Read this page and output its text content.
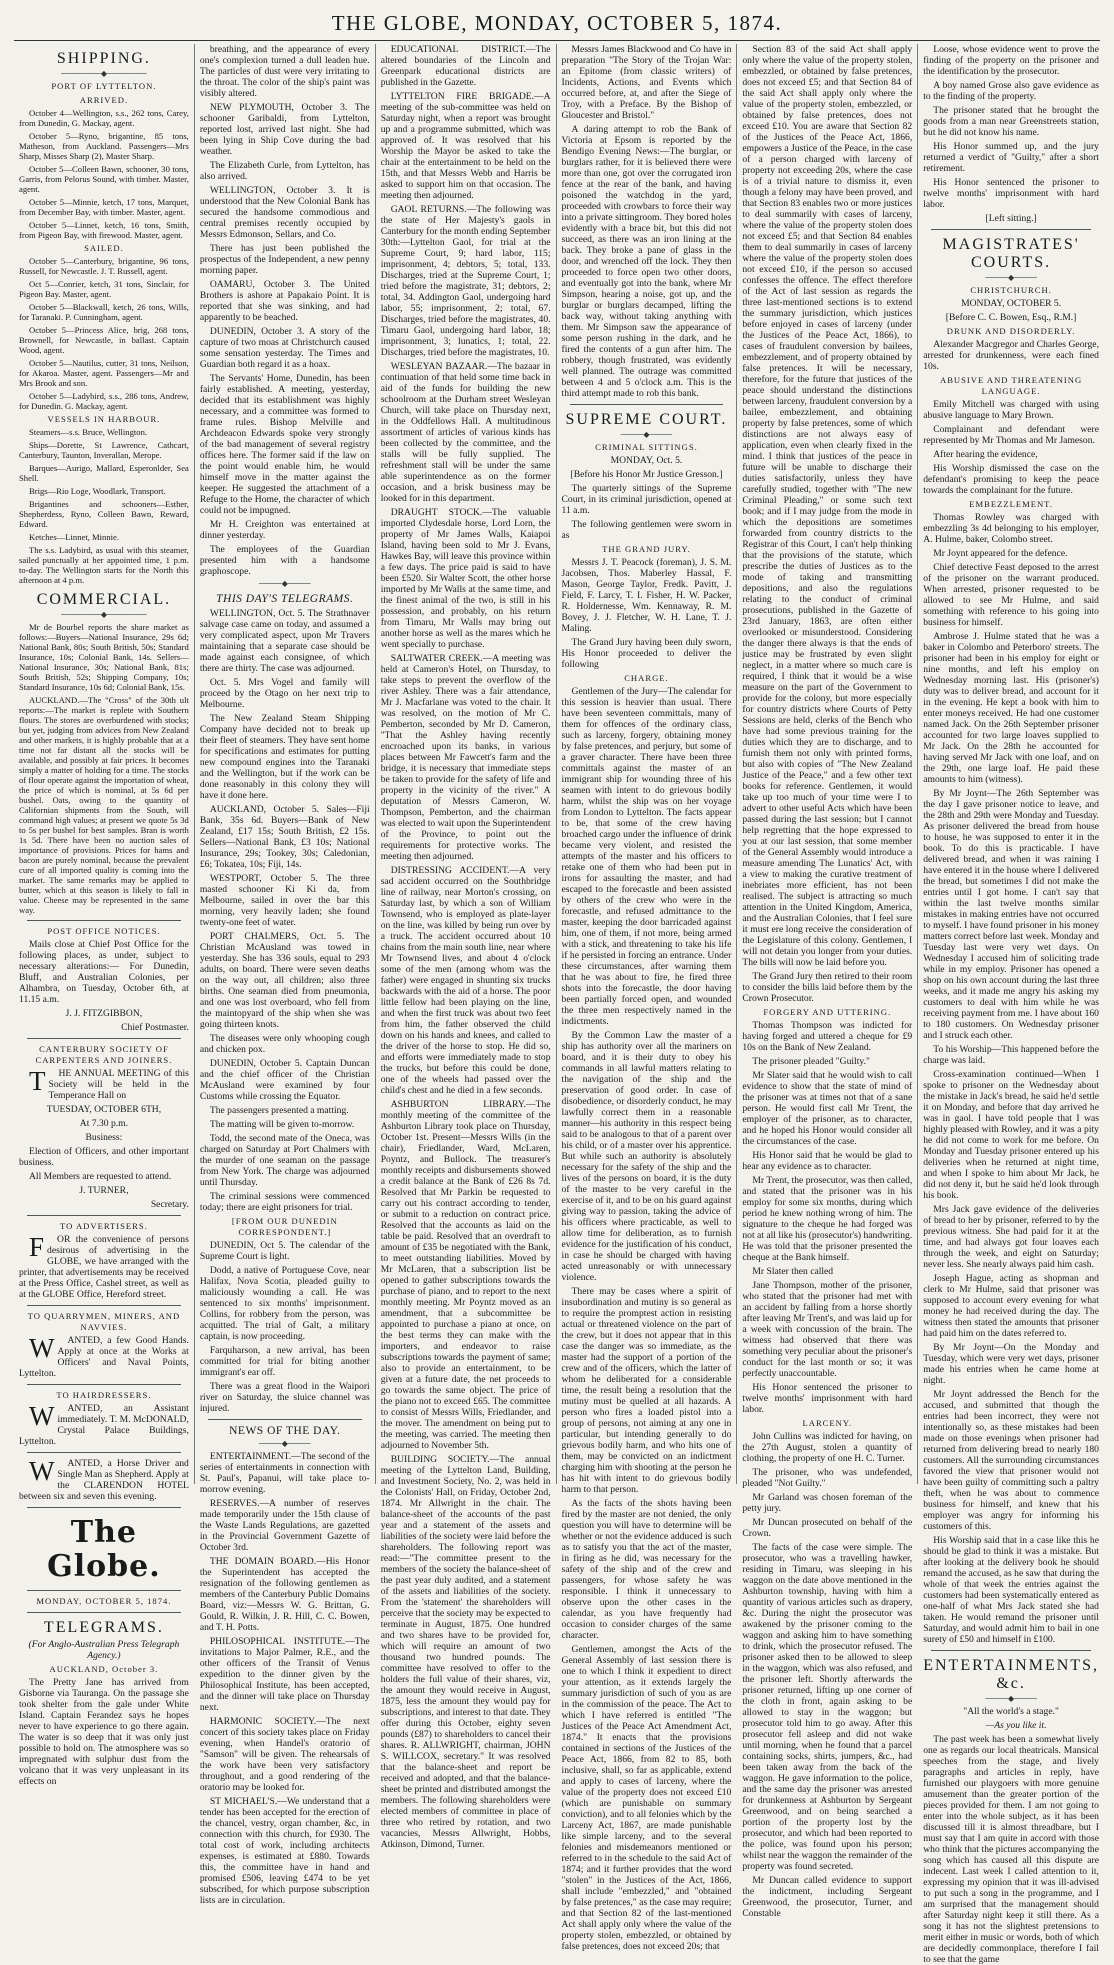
THE GLOBE, MONDAY, OCTOBER 5, 1874.
SHIPPING.
───────◆───────
PORT OF LYTTELTON.
ARRIVED.

October 4—Wellington, s.s., 262 tons, Carey, from Dunedin, G. Mackay, agent.

October 5—Ryno, brigantine, 85 tons, Matheson, from Auckland. Passengers—Mrs Sharp, Misses Sharp (2), Master Sharp.

October 5—Colleen Bawn, schooner, 30 tons, Garris, from Pelorus Sound, with timber. Master, agent.

October 5—Minnie, ketch, 17 tons, Marquet, from December Bay, with timber. Master, agent.

October 5—Linnet, ketch, 16 tons, Smith, from Pigeon Bay, with firewood. Master, agent.

SAILED.

October 5—Canterbury, brigantine, 96 tons, Russell, for Newcastle. J. T. Russell, agent.

Oct 5—Conrier, ketch, 31 tons, Sinclair, for Pigeon Bay. Master, agent.

October 5—Blackwall, ketch, 26 tons, Wills, for Taranaki. P. Cunningham, agent.

October 5—Princess Alice, brig, 268 tons, Brownell, for Newcastle, in ballast. Captain Wood, agent.

October 5—Nautilus, cutter, 31 tons, Neilson, for Akaroa. Master, agent. Passengers—Mr and Mrs Brook and son.

October 5—Ladybird, s.s., 286 tons, Andrew, for Dunedin. G. Mackay, agent.

VESSELS IN HARBOUR.

Steamers—s.s. Bruce, Wellington.

Ships—Dorette, St Lawrence, Cathcart, Canterbury, Taunton, Inverallan, Merope.

Barques—Aurigo, Mallard, Esperonlder, Sea Shell.

Brigs—Rio Loge, Woodlark, Transport.

Brigantines and schooners—Esther, Shepherdess, Ryno, Colleen Bawn, Reward, Edward.

Ketches—Linnet, Minnie.

The s.s. Ladybird, as usual with this steamer, sailed punctually at her appointed time, 1 p.m. to-day. The Wellington starts for the North this afternoon at 4 p.m.

COMMERCIAL.
───────◆───────

Mr de Bourbel reports the share market as follows:—Buyers—National Insurance, 29s 6d; National Bank, 80s; South British, 50s; Standard Insurance, 10s; Colonial Bank, 14s. Sellers—National Insurance, 30s; National Bank, 81s; South British, 52s; Shipping Company, 10s; Standard Insurance, 10s 6d; Colonial Bank, 15s.

AUCKLAND.—The "Cross" of the 30th ult reports:—The market is replete with Southern flours. The stores are overburdened with stocks; but yet, judging from advices from New Zealand and other markets, it is highly probable that at a time not far distant all the stocks will be available, and possibly at fair prices. It becomes simply a matter of holding for a time. The stocks of flour operate against the importation of wheat, the price of which is nominal, at 5s 6d per bushel. Oats, owing to the quantity of Californian shipments from the South, will command high values; at present we quote 5s 3d to 5s per bushel for best samples. Bran is worth 1s 5d. There have been no auction sales of importance of provisions. Prices for hams and bacon are purely nominal, because the prevalent cure of all imported quality is coming into the market. The same remarks may be applied to butter, which at this season is likely to fall in value. Cheese may be represented in the same way.

POST OFFICE NOTICES.

Mails close at Chief Post Office for the following places, as under, subject to necessary alterations:— For Dunedin, Bluff, and Australian Colonies, per Alhambra, on Tuesday, October 6th, at 11.15 a.m.

J. J. FITZGIBBON,

Chief Postmaster.

CANTERBURY SOCIETY OF CARPENTERS AND JOINERS.

T HE ANNUAL MEETING of this Society will be held in the Temperance Hall on

TUESDAY, OCTOBER 6TH,

At 7.30 p.m.

Business:

Election of Officers, and other important business.

All Members are requested to attend.

J. TURNER,

Secretary.

TO ADVERTISERS.

F OR the convenience of persons desirous of advertising in the GLOBE, we have arranged with the printer, that advertisements may be received at the Press Office, Cashel street, as well as at the GLOBE Office, Hereford street.

TO QUARRYMEN, MINERS, AND NAVVIES.

W ANTED, a few Good Hands. Apply at once at the Works at Officers' and Naval Points, Lyttelton.

TO HAIRDRESSERS.

W ANTED, an Assistant immediately. T. M. McDONALD, Crystal Palace Buildings, Lyttelton.

W ANTED, a Horse Driver and Single Man as Shepherd. Apply at the CLARENDON HOTEL between six and seven this evening.

The Globe.
MONDAY, OCTOBER 5, 1874.
TELEGRAMS.
(For Anglo-Australian Press Telegraph Agency.)
AUCKLAND, October 3.

The Pretty Jane has arrived from Gisborne via Tauranga. On the passage she took shelter from the gale under White Island. Captain Ferandez says he hopes never to have experience to go there again. The water is so deep that it was only just possible to hold on. The atmosphere was so impregnated with sulphur dust from the volcano that it was very unpleasant in its effects on

breathing, and the appearance of every one's complexion turned a dull leaden hue. The particles of dust were very irritating to the throat. The color of the ship's paint was visibly altered.

NEW PLYMOUTH, October 3. The schooner Garibaldi, from Lyttelton, reported lost, arrived last night. She had been lying in Ship Cove during the bad weather.

The Elizabeth Curle, from Lyttelton, has also arrived.

WELLINGTON, October 3. It is understood that the New Colonial Bank has secured the handsome commodious and central premises recently occupied by Messrs Edmonson, Sellars, and Co.

There has just been published the prospectus of the Independent, a new penny morning paper.

OAMARU, October 3. The United Brothers is ashore at Papakaio Point. It is reported that she was sinking, and had apparently to be beached.

DUNEDIN, October 3. A story of the capture of two moas at Christchurch caused some sensation yesterday. The Times and Guardian both regard it as a hoax.

The Servants' Home, Dunedin, has been fairly established. A meeting, yesterday, decided that its establishment was highly necessary, and a committee was formed to frame rules. Bishop Melville and Archdeacon Edwards spoke very strongly of the bad management of several registry offices here. The former said if the law on the point would enable him, he would himself move in the matter against the keeper. He suggested the attachment of a Refuge to the Home, the character of which could not be impugned.

Mr H. Creighton was entertained at dinner yesterday.

The employees of the Guardian presented him with a handsome graphoscope.

────◆────
THIS DAY'S TELEGRAMS.

WELLINGTON, Oct. 5. The Strathnaver salvage case came on today, and assumed a very complicated aspect, upon Mr Travers maintaining that a separate case should be made against each consignee, of which there are thirty. The case was adjourned.

Oct. 5. Mrs Vogel and family will proceed by the Otago on her next trip to Melbourne.

The New Zealand Steam Shipping Company have decided not to break up their fleet of steamers. They have sent home for specifications and estimates for putting new compound engines into the Taranaki and the Wellington, but if the work can be done reasonably in this colony they will have it done here.

AUCKLAND, October 5. Sales—Fiji Bank, 35s 6d. Buyers—Bank of New Zealand, £17 15s; South British, £2 15s. Sellers—National Bank, £3 10s; National Insurance, 29s; Tookey, 30s; Caledonian, £6; Tokatea, 10s; Fiji, 14s.

WESTPORT, October 5. The three masted schooner Ki Ki da, from Melbourne, sailed in over the bar this morning, very heavily laden; she found twenty-one feet of water.

PORT CHALMERS, Oct. 5. The Christian McAusland was towed in yesterday. She has 336 souls, equal to 293 adults, on board. There were seven deaths on the way out, all children; also three births. One seaman died from pneumonia, and one was lost overboard, who fell from the maintopyard of the ship when she was going thirteen knots.

The diseases were only whooping cough and chicken pox.

DUNEDIN, October 5. Captain Duncan and the chief officer of the Christian McAusland were examined by four Customs while crossing the Equator.

The passengers presented a matting.

The matting will be given to-morrow.

Todd, the second mate of the Oneca, was charged on Saturday at Port Chalmers with the murder of one seaman on the passage from New York. The charge was adjourned until Thursday.

The criminal sessions were commenced today; there are eight prisoners for trial.

[FROM OUR DUNEDIN CORRESPONDENT.]

DUNEDIN, Oct 5. The calendar of the Supreme Court is light.

Dodd, a native of Portuguese Cove, near Halifax, Nova Scotia, pleaded guilty to maliciously wounding a call. He was sentenced to six months' imprisonment. Collins, for robbery from the person, was acquitted. The trial of Galt, a military captain, is now proceeding.

Farquharson, a new arrival, has been committed for trial for biting another immigrant's ear off.

There was a great flood in the Waipori river on Saturday, the sluice channel was injured.

NEWS OF THE DAY.
────◆────

ENTERTAINMENT.—The second of the series of entertainments in connection with St. Paul's, Papanui, will take place to-morrow evening.

RESERVES.—A number of reserves made temporarily under the 15th clause of the Waste Lands Regulations, are gazetted in the Provincial Government Gazette of October 3rd.

THE DOMAIN BOARD.—His Honor the Superintendent has accepted the resignation of the following gentlemen as members of the Canterbury Public Domains Board, viz:—Messrs W. G. Brittan, G. Gould, R. Wilkin, J. R. Hill, C. C. Bowen, and T. H. Potts.

PHILOSOPHICAL INSTITUTE.—The invitations to Major Palmer, R.E., and the other officers of the Transit of Venus expedition to the dinner given by the Philosophical Institute, has been accepted, and the dinner will take place on Thursday next.

HARMONIC SOCIETY.—The next concert of this society takes place on Friday evening, when Handel's oratorio of "Samson" will be given. The rehearsals of the work have been very satisfactory throughout, and a good rendering of the oratorio may be looked for.

ST MICHAEL'S.—We understand that a tender has been accepted for the erection of the chancel, vestry, organ chamber, &c, in connection with this church, for £930. The total cost of work, including architects expenses, is estimated at £880. Towards this, the committee have in hand and promised £506, leaving £474 to be yet subscribed, for which purpose subscription lists are in circulation.

EDUCATIONAL DISTRICT.—The altered boundaries of the Lincoln and Greenpark educational districts are published in the Gazette.

LYTTELTON FIRE BRIGADE.—A meeting of the sub-committee was held on Saturday night, when a report was brought up and a programme submitted, which was approved of. It was resolved that his Worship the Mayor be asked to take the chair at the entertainment to be held on the 15th, and that Messrs Webb and Harris be asked to support him on that occasion. The meeting then adjourned.

GAOL RETURNS.—The following was the state of Her Majesty's gaols in Canterbury for the month ending September 30th:—Lyttelton Gaol, for trial at the Supreme Court, 9; hard labor, 115; imprisonment, 4; debtors, 5; total, 133. Discharges, tried at the Supreme Court, 1; tried before the magistrate, 31; debtors, 2; total, 34. Addington Gaol, undergoing hard labor, 55; imprisonment, 2; total, 67. Discharges, tried before the magistrates, 40. Timaru Gaol, undergoing hard labor, 18; imprisonment, 3; lunatics, 1; total, 22. Discharges, tried before the magistrates, 10.

WESLEYAN BAZAAR.—The bazaar in continuation of that held some time back in aid of the funds for building the new schoolroom at the Durham street Wesleyan Church, will take place on Thursday next, in the Oddfellows Hall. A multitudinous assortment of articles of various kinds has been collected by the committee, and the stalls will be fully supplied. The refreshment stall will be under the same able superintendence as on the former occasion, and a brisk business may be looked for in this department.

DRAUGHT STOCK.—The valuable imported Clydesdale horse, Lord Lorn, the property of Mr James Walls, Kaiapoi Island, having been sold to Mr J. Evans, Hawkes Bay, will leave this province within a few days. The price paid is said to have been £520. Sir Walter Scott, the other horse imported by Mr Walls at the same time, and the finest animal of the two, is still in his possession, and probably, on his return from Timaru, Mr Walls may bring out another horse as well as the mares which he went specially to purchase.

SALTWATER CREEK.—A meeting was held at Cameron's Hotel, on Thursday, to take steps to prevent the overflow of the river Ashley. There was a fair attendance, Mr J. Macfarlane was voted to the chair. It was resolved, on the motion of Mr C. Pemberton, seconded by Mr D. Cameron, "That the Ashley having recently encroached upon its banks, in various places between Mr Fawcett's farm and the bridge, it is necessary that immediate steps be taken to provide for the safety of life and property in the vicinity of the river." A deputation of Messrs Cameron, W. Thompson, Pemberton, and the chairman was elected to wait upon the Superintendent of the Province, to point out the requirements for protective works. The meeting then adjourned.

DISTRESSING ACCIDENT.—A very sad accident occurred on the Southbridge line of railway, near Morton's crossing, on Saturday last, by which a son of William Townsend, who is employed as plate-layer on the line, was killed by being run over by a truck. The accident occurred about 10 chains from the main south line, near where Mr Townsend lives, and about 4 o'clock some of the men (among whom was the father) were engaged in shunting six trucks backwards with the aid of a horse. The poor little fellow had been playing on the line, and when the first truck was about two feet from him, the father observed the child down on his hands and knees, and called to the driver of the horse to stop. He did so, and efforts were immediately made to stop the trucks, but before this could be done, one of the wheels had passed over the child's chest and he died in a few seconds.

ASHBURTON LIBRARY.—The monthly meeting of the committee of the Ashburton Library took place on Thursday, October 1st. Present—Messrs Wills (in the chair), Friedlander, Ward, McLaren, Poyntz, and Bullock. The treasurer's monthly receipts and disbursements showed a credit balance at the Bank of £26 8s 7d. Resolved that Mr Parkin be requested to carry out his contract according to tender, or submit to a reduction on contract price. Resolved that the accounts as laid on the table be paid. Resolved that an overdraft to amount of £35 be negotiated with the Bank, to meet outstanding liabilities. Moved by Mr McLaren, that a subscription list be opened to gather subscriptions towards the purchase of piano, and to report to the next monthly meeting. Mr Poyntz moved as an amendment, that a subcommittee be appointed to purchase a piano at once, on the best terms they can make with the importers, and endeavor to raise subscriptions towards the payment of same; also to provide an entertainment, to be given at a future date, the net proceeds to go towards the same object. The price of the piano not to exceed £65. The committee to consist of Messrs Wills, Friedlander, and the mover. The amendment on being put to the meeting, was carried. The meeting then adjourned to November 5th.

BUILDING SOCIETY.—The annual meeting of the Lyttelton Land, Building, and Investment Society, No. 2, was held in the Colonists' Hall, on Friday, October 2nd, 1874. Mr Allwright in the chair. The balance-sheet of the accounts of the past year and a statement of the assets and liabilities of the society were laid before the shareholders. The following report was read:—"The committee present to the members of the society the balance-sheet of the past year duly audited, and a statement of the assets and liabilities of the society. From the 'statement' the shareholders will perceive that the society may be expected to terminate in August, 1875. One hundred and two shares have to be provided for, which will require an amount of two thousand two hundred pounds. The committee have resolved to offer to the holders the full value of their shares, viz, the amount they would receive in August, 1875, less the amount they would pay for subscriptions, and interest to that date. They offer during this October, eighty seven pounds (£87) to shareholders to cancel their shares. R. ALLWRIGHT, chairman, JOHN S. WILLCOX, secretary." It was resolved that the balance-sheet and report be received and adopted, and that the balance-sheet be printed and distributed amongst the members. The following shareholders were elected members of committee in place of three who retired by rotation, and two vacancies, Messrs Allwright, Hobbs, Atkinson, Dimond, Turner.

Messrs James Blackwood and Co have in preparation "The Story of the Trojan War: an Epitome (from classic writers) of Incidents, Actions, and Events which occurred before, at, and after the Siege of Troy, with a Preface. By the Bishop of Gloucester and Bristol."

A daring attempt to rob the Bank of Victoria at Epsom is reported by the Bendigo Evening News:—The burglar, or burglars rather, for it is believed there were more than one, got over the corrugated iron fence at the rear of the bank, and having poisoned the watchdog in the yard, proceeded with crowbars to force their way into a private sittingroom. They bored holes evidently with a brace bit, but this did not succeed, as there was an iron lining at the back. They broke a pane of glass in the door, and wrenched off the lock. They then proceeded to force open two other doors, and eventually got into the bank, where Mr Simpson, hearing a noise, got up, and the burglar or burglars decamped, lifting the back way, without taking anything with them. Mr Simpson saw the appearance of some person rushing in the dark, and he fired the contents of a gun after him. The robbery, though frustrated, was evidently well planned. The outrage was committed between 4 and 5 o'clock a.m. This is the third attempt made to rob this bank.

SUPREME COURT.
────◆────
CRIMINAL SITTINGS.

MONDAY, Oct. 5.

[Before his Honor Mr Justice Gresson.]

The quarterly sittings of the Supreme Court, in its criminal jurisdiction, opened at 11 a.m.

The following gentlemen were sworn in as

THE GRAND JURY.

Messrs J. T. Peacock (foreman), J. S. M. Jacobsen, Thos. Maberley Hassal, F. Mason, George Taylor, Fredk. Pavitt, J. Field, F. Larcy, T. I. Fisher, H. W. Packer, R. Holdernesse, Wm. Kennaway, R. M. Bovey, J. J. Fletcher, W. H. Lane, T. J. Maling.

The Grand Jury having been duly sworn, His Honor proceeded to deliver the following

CHARGE.

Gentlemen of the Jury—The calendar for this session is heavier than usual. There have been seventeen committals, many of them for offences of the ordinary class, such as larceny, forgery, obtaining money by false pretences, and perjury, but some of a graver character. There have been three committals against the master of an immigrant ship for wounding three of his seamen with intent to do grievous bodily harm, whilst the ship was on her voyage from London to Lyttelton. The facts appear to be, that some of the crew having broached cargo under the influence of drink became very violent, and resisted the attempts of the master and his officers to retake one of them who had been put in irons for assaulting the master, and had escaped to the forecastle and been assisted by others of the crew who were in the forecastle, and refused admittance to the master, keeping the door barricaded against him, one of them, if not more, being armed with a stick, and threatening to take his life if he persisted in forcing an entrance. Under these circumstances, after warning them that he was about to fire, he fired three shots into the forecastle, the door having been partially forced open, and wounded the three men respectively named in the indictments.

By the Common Law the master of a ship has authority over all the mariners on board, and it is their duty to obey his commands in all lawful matters relating to the navigation of the ship and the preservation of good order. In case of disobedience, or disorderly conduct, he may lawfully correct them in a reasonable manner—his authority in this respect being said to be analogous to that of a parent over his child, or of a master over his apprentice. But while such an authority is absolutely necessary for the safety of the ship and the lives of the persons on board, it is the duty of the master to be very careful in the exercise of it, and to be on his guard against giving way to passion, taking the advice of his officers where practicable, as well to allow time for deliberation, as to furnish evidence for the justification of his conduct, in case he should be charged with having acted unreasonably or with unnecessary violence.

There may be cases where a spirit of insubordination and mutiny is so general as to require the promptest action in resisting actual or threatened violence on the part of the crew, but it does not appear that in this case the danger was so immediate, as the master had the support of a portion of the crew and of the officers, which the latter of whom he deliberated for a considerable time, the result being a resolution that the mutiny must be quelled at all hazards. A person who fires a loaded pistol into a group of persons, not aiming at any one in particular, but intending generally to do grievous bodily harm, and who hits one of them, may be convicted on an indictment charging him with shooting at the person he has hit with intent to do grievous bodily harm to that person.

As the facts of the shots having been fired by the master are not denied, the only question you will have to determine will be whether or not the evidence adduced is such as to satisfy you that the act of the master, in firing as he did, was necessary for the safety of the ship and of the crew and passengers, for whose safety he was responsible. I think it unnecessary to observe upon the other cases in the calendar, as you have frequently had occasion to consider charges of the same character.

Gentlemen, amongst the Acts of the General Assembly of last session there is one to which I think it expedient to direct your attention, as it extends largely the summary jurisdiction of such of you as are in the commission of the peace. The Act to which I have referred is entitled "The Justices of the Peace Act Amendment Act, 1874." It enacts that the provisions contained in sections of the Justices of the Peace Act, 1866, from 82 to 85, both inclusive, shall, so far as applicable, extend and apply to cases of larceny, where the value of the property does not exceed £10 (which are punishable on summary conviction), and to all felonies which by the Larceny Act, 1867, are made punishable like simple larceny, and to the several felonies and misdemeanors mentioned or referred to in the schedule to the said Act of 1874; and it further provides that the word "stolen" in the Justices of the Act, 1866, shall include "embezzled," and "obtained by false pretences," as the case may require; and that Section 82 of the last-mentioned Act shall apply only where the value of the property stolen, embezzled, or obtained by false pretences, does not exceed 20s; that

Section 83 of the said Act shall apply only where the value of the property stolen, embezzled, or obtained by false pretences, does not exceed £5; and that Section 84 of the said Act shall apply only where the value of the property stolen, embezzled, or obtained by false pretences, does not exceed £10. You are aware that Section 82 of the Justices of the Peace Act, 1866, empowers a Justice of the Peace, in the case of a person charged with larceny of property not exceeding 20s, where the case is of a trivial nature to dismiss it, even though a felony may have been proved, and that Section 83 enables two or more justices to deal summarily with cases of larceny, where the value of the property stolen does not exceed £5; and that Section 84 enables them to deal summarily in cases of larceny where the value of the property stolen does not exceed £10, if the person so accused confesses the offence. The effect therefore of the Act of last session as regards the three last-mentioned sections is to extend the summary jurisdiction, which justices before enjoyed in cases of larceny (under the Justices of the Peace Act, 1866), to cases of fraudulent conversion by bailees, embezzlement, and of property obtained by false pretences. It will be necessary, therefore, for the future that justices of the peace should understand the distinctions between larceny, fraudulent conversion by a bailee, embezzlement, and obtaining property by false pretences, some of which distinctions are not always easy of application, even when clearly fixed in the mind. I think that justices of the peace in future will be unable to discharge their duties satisfactorily, unless they have carefully studied, together with "The new Criminal Pleading," or some such text book; and if I may judge from the mode in which the depositions are sometimes forwarded from country districts to the Registrar of this Court, I can't help thinking that the provisions of the statute, which prescribe the duties of Justices as to the mode of taking and transmitting depositions, and also the regulations relating to the conduct of criminal prosecutions, published in the Gazette of 23rd January, 1863, are often either overlooked or misunderstood. Considering the danger there always is that the ends of justice may be frustrated by even slight neglect, in a matter where so much care is required, I think that it would be a wise measure on the part of the Government to provide for the colony, but more especially for country districts where Courts of Petty Sessions are held, clerks of the Bench who have had some previous training for the duties which they are to discharge, and to furnish them not only with printed forms, but also with copies of "The New Zealand Justice of the Peace," and a few other text books for reference. Gentlemen, it would take up too much of your time were I to advert to other useful Acts which have been passed during the last session; but I cannot help regretting that the hope expressed to you at our last session, that some member of the General Assembly would introduce a measure amending The Lunatics' Act, with a view to making the curative treatment of inebriates more efficient, has not been realised. The subject is attracting so much attention in the United Kingdom, America, and the Australian Colonies, that I feel sure it must ere long receive the consideration of the Legislature of this colony. Gentlemen, I will not detain you longer from your duties. The bills will now be laid before you.

The Grand Jury then retired to their room to consider the bills laid before them by the Crown Prosecutor.

FORGERY AND UTTERING.

Thomas Thompson was indicted for having forged and uttered a cheque for £9 10s on the Bank of New Zealand.

The prisoner pleaded "Guilty."

Mr Slater said that he would wish to call evidence to show that the state of mind of the prisoner was at times not that of a sane person. He would first call Mr Trent, the employer of the prisoner, as to character, and he hoped his Honor would consider all the circumstances of the case.

His Honor said that he would be glad to hear any evidence as to character.

Mr Trent, the prosecutor, was then called, and stated that the prisoner was in his employ for some six months, during which period he knew nothing wrong of him. The signature to the cheque he had forged was not at all like his (prosecutor's) handwriting. He was told that the prisoner presented the cheque at the Bank himself.

Mr Slater then called

Jane Thompson, mother of the prisoner, who stated that the prisoner had met with an accident by falling from a horse shortly after leaving Mr Trent's, and was laid up for a week with concussion of the brain. The witness had observed that there was something very peculiar about the prisoner's conduct for the last month or so; it was perfectly unaccountable.

His Honor sentenced the prisoner to twelve months' imprisonment with hard labor.

LARCENY.

John Cullins was indicted for having, on the 27th August, stolen a quantity of clothing, the property of one H. C. Turner.

The prisoner, who was undefended, pleaded "Not Guilty."

Mr Garland was chosen foreman of the petty jury.

Mr Duncan prosecuted on behalf of the Crown.

The facts of the case were simple. The prosecutor, who was a travelling hawker, residing in Timaru, was sleeping in his waggon on the date above mentioned in the Ashburton township, having with him a quantity of various articles such as drapery, &c. During the night the prosecutor was awakened by the prisoner coming to the waggon and asking him to have something to drink, which the prosecutor refused. The prisoner asked then to be allowed to sleep in the waggon, which was also refused, and the prisoner left. Shortly afterwards the prisoner returned, lifting up one corner of the cloth in front, again asking to be allowed to stay in the waggon; but prosecutor told him to go away. After this prosecutor fell asleep and did not wake until morning, when he found that a parcel containing socks, shirts, jumpers, &c., had been taken away from the back of the waggon. He gave information to the police, and the same day the prisoner was arrested for drunkenness at Ashburton by Sergeant Greenwood, and on being searched a portion of the property lost by the prosecutor, and which had been reported to the police, was found upon his person; whilst near the waggon the remainder of the property was found secreted.

Mr Duncan called evidence to support the indictment, including Sergeant Greenwood, the prosecutor, Turner, and Constable

Loose, whose evidence went to prove the finding of the property on the prisoner and the identification by the prosecutor.

A boy named Grose also gave evidence as to the finding of the property.

The prisoner stated that he brought the goods from a man near Greenstreets station, but he did not know his name.

His Honor summed up, and the jury returned a verdict of "Guilty," after a short retirement.

His Honor sentenced the prisoner to twelve months' imprisonment with hard labor.

[Left sitting.]

MAGISTRATES' COURTS.
────◆────
CHRISTCHURCH.

MONDAY, OCTOBER 5.

[Before C. C. Bowen, Esq., R.M.]

DRUNK AND DISORDERLY.

Alexander Macgregor and Charles George, arrested for drunkenness, were each fined 10s.

ABUSIVE AND THREATENING LANGUAGE.

Emily Mitchell was charged with using abusive language to Mary Brown.

Complainant and defendant were represented by Mr Thomas and Mr Jameson.

After hearing the evidence,

His Worship dismissed the case on the defendant's promising to keep the peace towards the complainant for the future.

EMBEZZLEMENT.

Thomas Rowley was charged with embezzling 3s 4d belonging to his employer, A. Hulme, baker, Colombo street.

Mr Joynt appeared for the defence.

Chief detective Feast deposed to the arrest of the prisoner on the warrant produced. When arrested, prisoner requested to be allowed to see Mr Hulme, and said something with reference to his going into business for himself.

Ambrose J. Hulme stated that he was a baker in Colombo and Peterboro' streets. The prisoner had been in his employ for eight or nine months, and left his employ on Wednesday morning last. His (prisoner's) duty was to deliver bread, and account for it in the evening. He kept a book with him to enter moneys received. He had one customer named Jack. On the 26th September prisoner accounted for two large loaves supplied to Mr Jack. On the 28th he accounted for having served Mr Jack with one loaf, and on the 29th, one large loaf. He paid these amounts to him (witness).

By Mr Joynt—The 26th September was the day I gave prisoner notice to leave, and the 28th and 29th were Monday and Tuesday. As prisoner delivered the bread from house to house, he was supposed to enter it in the book. To do this is practicable. I have delivered bread, and when it was raining I have entered it in the house where I delivered the bread, but sometimes I did not make the entries until I got home. I can't say that within the last twelve months similar mistakes in making entries have not occurred to myself. I have found prisoner in his money matters correct before last week. Monday and Tuesday last were very wet days. On Wednesday I accused him of soliciting trade while in my employ. Prisoner has opened a shop on his own account during the last three weeks, and it made me angry his asking my customers to deal with him while he was receiving payment from me. I have about 160 to 180 customers. On Wednesday prisoner and I struck each other.

To his Worship—This happened before the charge was laid.

Cross-examination continued—When I spoke to prisoner on the Wednesday about the mistake in Jack's bread, he said he'd settle it on Monday, and before that day arrived he was in gaol. I have told people that I was highly pleased with Rowley, and it was a pity he did not come to work for me before. On Monday and Tuesday prisoner entered up his deliveries when he returned at night time, and when I spoke to him about Mr Jack, he did not deny it, but he said he'd look through his book.

Mrs Jack gave evidence of the deliveries of bread to her by prisoner, referred to by the previous witness. She had paid for it at the time, and had always got four loaves each through the week, and eight on Saturday; never less. She nearly always paid him cash.

Joseph Hague, acting as shopman and clerk to Mr Hulme, said that prisoner was supposed to account every evening for what money he had received during the day. The witness then stated the amounts that prisoner had paid him on the dates referred to.

By Mr Joynt—On the Monday and Tuesday, which were very wet days, prisoner made his entries when he came home at night.

Mr Joynt addressed the Bench for the accused, and submitted that though the entries had been incorrect, they were not intentionally so, as these mistakes had been made on those evenings when prisoner had returned from delivering bread to nearly 180 customers. All the surrounding circumstances favored the view that prisoner would not have been guilty of committing such a paltry theft, when he was about to commence business for himself, and knew that his employer was angry for informing his customers of this.

His Worship said that in a case like this he should be glad to think it was a mistake. But after looking at the delivery book he should remand the accused, as he saw that during the whole of that week the entries against the customers had been systematically entered as one-half of what Mrs Jack stated she had taken. He would remand the prisoner until Saturday, and would admit him to bail in one surety of £50 and himself in £100.

ENTERTAINMENTS, &c.
────◆────

"All the world's a stage."

—As you like it.

The past week has been a somewhat lively one as regards our local theatricals. Mansical speeches from the stage, and lively paragraphs and articles in reply, have furnished our playgoers with more genuine amusement than the greater portion of the pieces provided for them. I am not going to enter into the whole subject, as it has been discussed till it is almost threadbare, but I must say that I am quite in accord with those who think that the pictures accompanying the song which has caused all this dispute are indecent. Last week I called attention to it, expressing my opinion that it was ill-advised to put such a song in the programme, and I am surprised that the management should after Saturday night keep it still there. As a song it has not the slightest pretensions to merit either in music or words, both of which are decidedly commonplace, therefore I fail to see that the game
